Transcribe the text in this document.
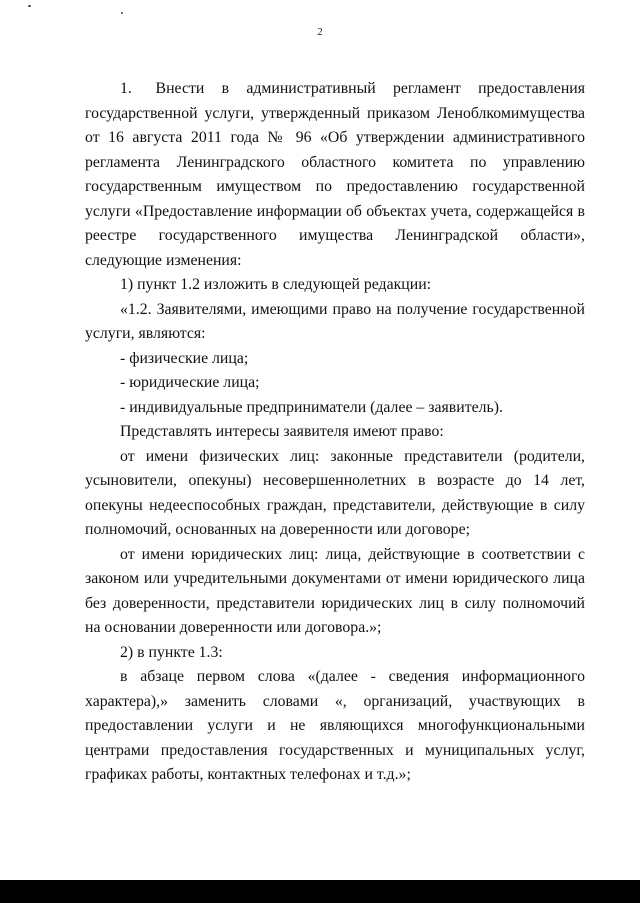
2

1.  Внести в административный регламент предоставления государственной услуги, утвержденный приказом Леноблкомимущества от 16 августа 2011 года № 96 «Об утверждении административного регламента Ленинградского областного комитета по управлению государственным имуществом по предоставлению государственной услуги «Предоставление информации об объектах учета, содержащейся в реестре государственного имущества Ленинградской области», следующие изменения:

1) пункт 1.2 изложить в следующей редакции:

«1.2. Заявителями, имеющими право на получение государственной услуги, являются:

- физические лица;

- юридические лица;

- индивидуальные предприниматели (далее – заявитель).

Представлять интересы заявителя имеют право:

от имени физических лиц: законные представители (родители, усыновители, опекуны) несовершеннолетних в возрасте до 14 лет, опекуны недееспособных граждан, представители, действующие в силу полномочий, основанных на доверенности или договоре;

от имени юридических лиц: лица, действующие в соответствии с законом или учредительными документами от имени юридического лица без доверенности, представители юридических лиц в силу полномочий на основании доверенности или договора.»;

2) в пункте 1.3:

в абзаце первом слова «(далее - сведения информационного характера),» заменить словами «, организаций, участвующих в предоставлении услуги и не являющихся многофункциональными центрами предоставления государственных и муниципальных услуг, графиках работы, контактных телефонах и т.д.»;
